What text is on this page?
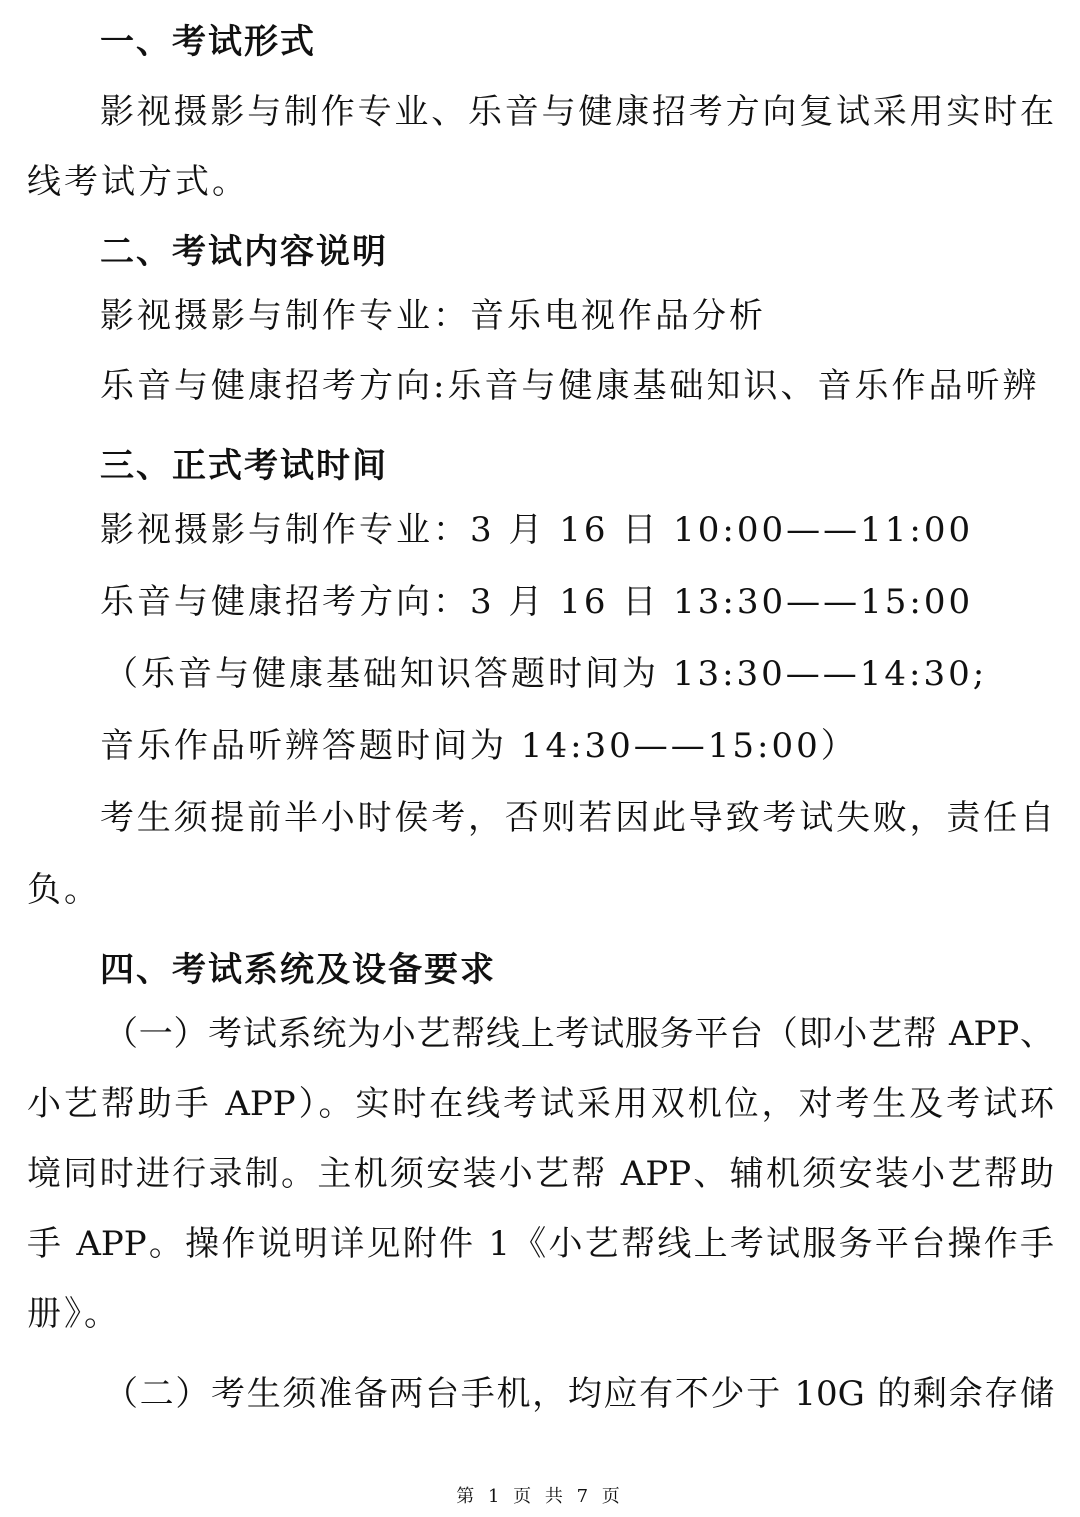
一、考试形式
影视摄影与制作专业、乐音与健康招考方向复试采用实时在
线考试方式。
二、考试内容说明
影视摄影与制作专业：音乐电视作品分析
乐音与健康招考方向:乐音与健康基础知识、音乐作品听辨
三、正式考试时间
影视摄影与制作专业：3 月 16 日 10:00——11:00
乐音与健康招考方向：3 月 16 日 13:30——15:00
（乐音与健康基础知识答题时间为 13:30——14:30;
音乐作品听辨答题时间为 14:30——15:00）
考生须提前半小时侯考，否则若因此导致考试失败，责任自
负。
四、考试系统及设备要求
（一）考试系统为小艺帮线上考试服务平台（即小艺帮 APP、
小艺帮助手 APP）。实时在线考试采用双机位，对考生及考试环
境同时进行录制。主机须安装小艺帮 APP、辅机须安装小艺帮助
手 APP。操作说明详见附件 1《小艺帮线上考试服务平台操作手
册》。
（二）考生须准备两台手机，均应有不少于 10G 的剩余存储
第 1 页 共 7 页
